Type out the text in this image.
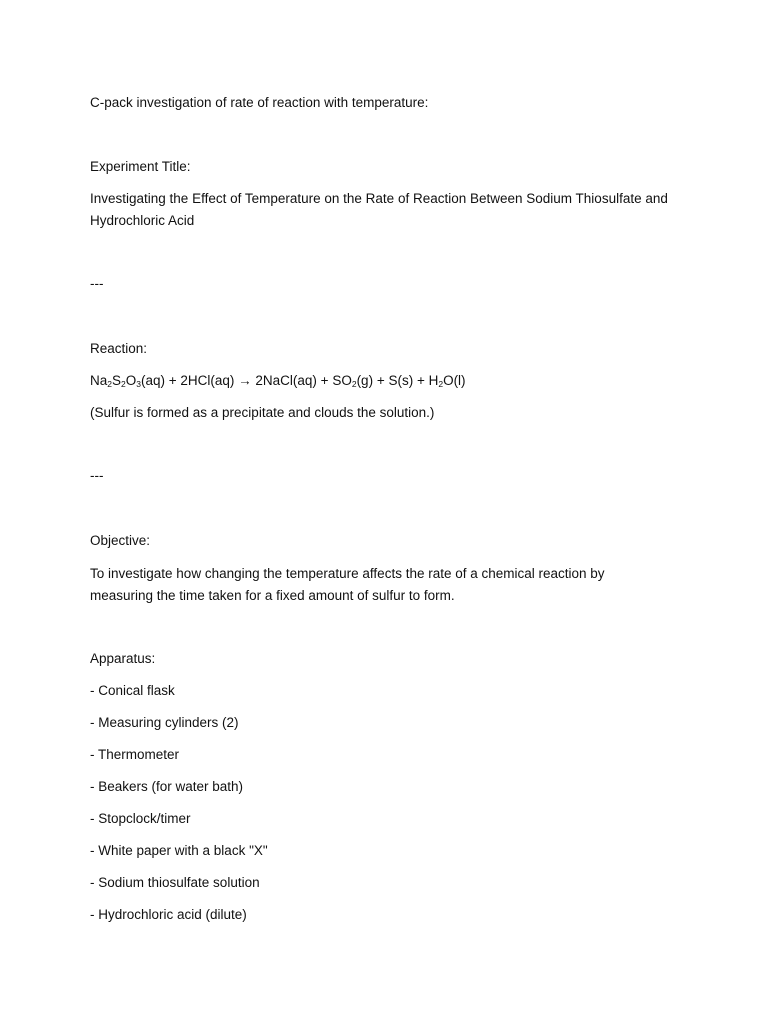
C-pack investigation of rate of reaction with temperature:
Experiment Title:
Investigating the Effect of Temperature on the Rate of Reaction Between Sodium Thiosulfate and Hydrochloric Acid
---
Reaction:
$Na_2S_2O_3(aq) + 2HCl(aq)$ → 2NaCl(aq) + $SO_2(g) + S(s) + H_2O(l)$
(Sulfur is formed as a precipitate and clouds the solution.)
---
Objective:
To investigate how changing the temperature affects the rate of a chemical reaction by measuring the time taken for a fixed amount of sulfur to form.
Apparatus:
- Conical flask
- Measuring cylinders (2)
- Thermometer
- Beakers (for water bath)
- Stopclock/timer
- White paper with a black "X"
- Sodium thiosulfate solution
- Hydrochloric acid (dilute)
